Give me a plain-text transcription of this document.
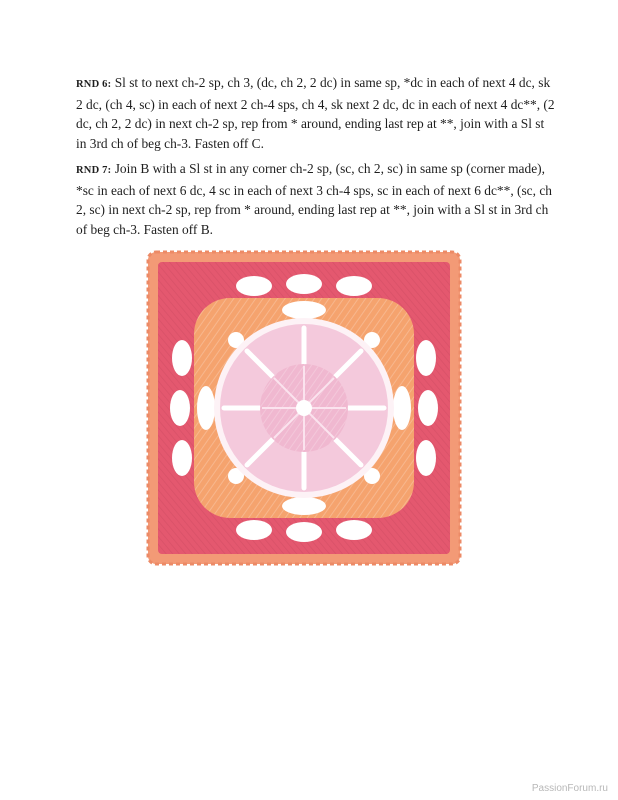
RND 6: Sl st to next ch-2 sp, ch 3, (dc, ch 2, 2 dc) in same sp, *dc in each of next 4 dc, sk 2 dc, (ch 4, sc) in each of next 2 ch-4 sps, ch 4, sk next 2 dc, dc in each of next 4 dc**, (2 dc, ch 2, 2 dc) in next ch-2 sp, rep from * around, ending last rep at **, join with a Sl st in 3rd ch of beg ch-3. Fasten off C.

RND 7: Join B with a Sl st in any corner ch-2 sp, (sc, ch 2, sc) in same sp (corner made), *sc in each of next 6 dc, 4 sc in each of next 3 ch-4 sps, sc in each of next 6 dc**, (sc, ch 2, sc) in next ch-2 sp, rep from * around, ending last rep at **, join with a Sl st in 3rd ch of beg ch-3. Fasten off B.

PassionForum.ru
